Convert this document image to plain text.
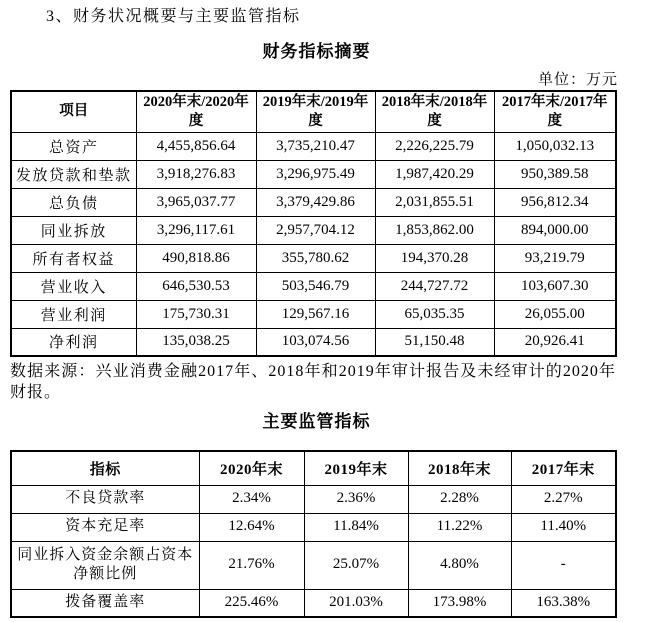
3、财务状况概要与主要监管指标
财务指标摘要
单位：万元
项目	2020年末/2020年度	2019年末/2019年度	2018年末/2018年度	2017年末/2017年度
总资产	4,455,856.64	3,735,210.47	2,226,225.79	1,050,032.13
发放贷款和垫款	3,918,276.83	3,296,975.49	1,987,420.29	950,389.58
总负债	3,965,037.77	3,379,429.86	2,031,855.51	956,812.34
同业拆放	3,296,117.61	2,957,704.12	1,853,862.00	894,000.00
所有者权益	490,818.86	355,780.62	194,370.28	93,219.79
营业收入	646,530.53	503,546.79	244,727.72	103,607.30
营业利润	175,730.31	129,567.16	65,035.35	26,055.00
净利润	135,038.25	103,074.56	51,150.48	20,926.41
数据来源：兴业消费金融2017年、2018年和2019年审计报告及未经审计的2020年财报。
主要监管指标
指标	2020年末	2019年末	2018年末	2017年末
不良贷款率	2.34%	2.36%	2.28%	2.27%
资本充足率	12.64%	11.84%	11.22%	11.40%
同业拆入资金余额占资本净额比例	21.76%	25.07%	4.80%	-
拨备覆盖率	225.46%	201.03%	173.98%	163.38%
